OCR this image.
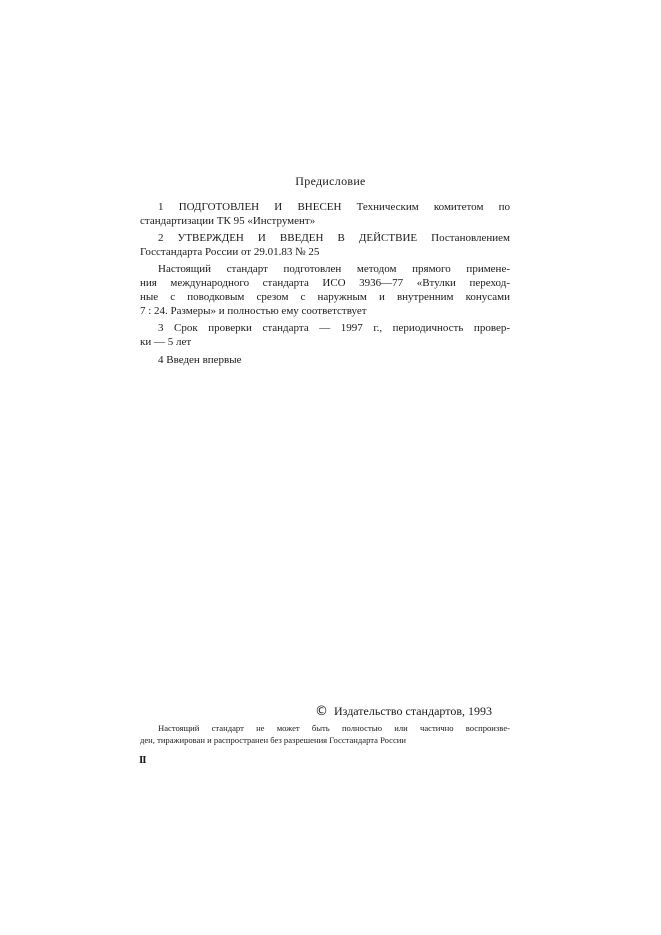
Предисловие
1 ПОДГОТОВЛЕН И ВНЕСЕН Техническим комитетом по
стандартизации ТК 95 «Инструмент»
2 УТВЕРЖДЕН И ВВЕДЕН В ДЕЙСТВИЕ Постановлением
Госстандарта России от 29.01.83 № 25
Настоящий стандарт подготовлен методом прямого примене-
ния международного стандарта ИСО 3936—77 «Втулки переход-
ные с поводковым срезом с наружным и внутренним конусами
7 : 24. Размеры» и полностью ему соответствует
3 Срок проверки стандарта — 1997 г., периодичность провер-
ки — 5 лет
4 Введен впервые
© Издательство стандартов, 1993
Настоящий стандарт не может быть полностью или частично воспроизве-
ден, тиражирован и распространен без разрешения Госстандарта России
II
